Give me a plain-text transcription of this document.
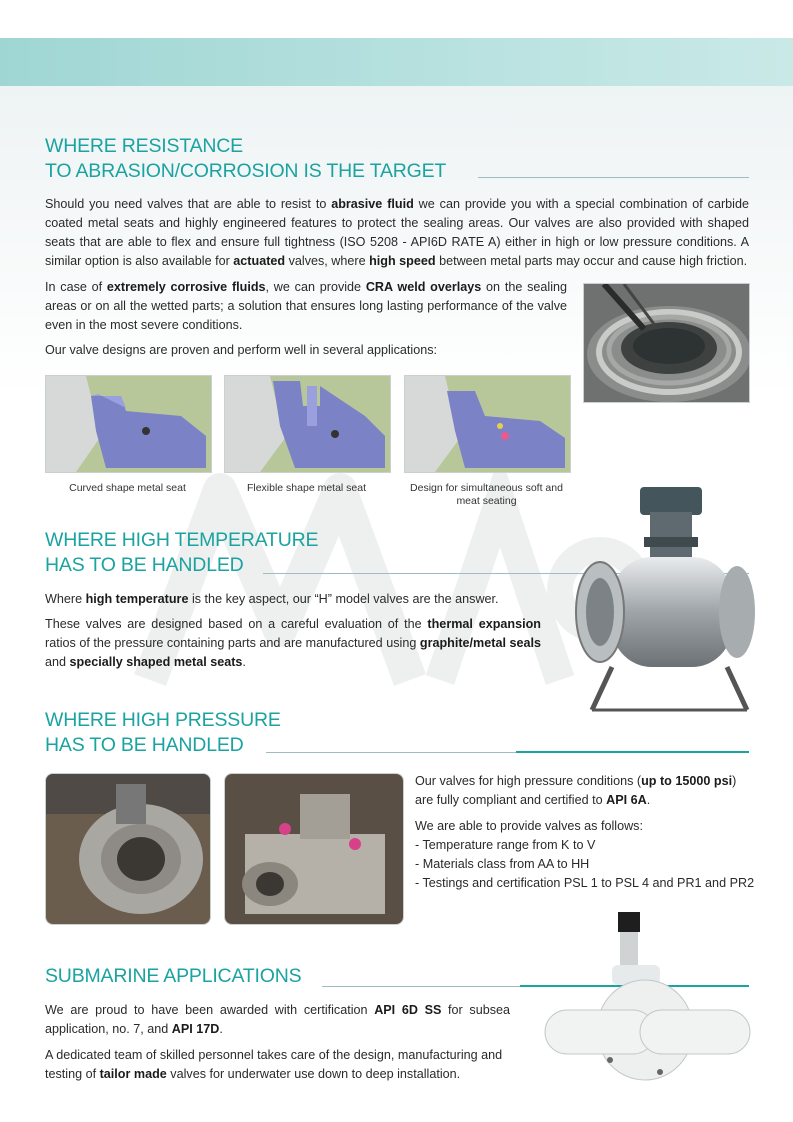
WHERE RESISTANCE
TO ABRASION/CORROSION IS THE TARGET

Should you need valves that are able to resist to abrasive fluid we can provide you with a special combination of carbide coated metal seats and highly engineered features to protect the sealing areas. Our valves are also provided with shaped seats that are able to flex and ensure full tightness (ISO 5208 - API6D RATE A) either in high or low pressure conditions. A similar option is also available for actuated valves, where high speed between metal parts may occur and cause high friction.

In case of extremely corrosive fluids, we can provide CRA weld overlays on the sealing areas or on all the wetted parts; a solution that ensures long lasting performance of the valve even in the most severe conditions.

Our valve designs are proven and perform well in several applications:

Curved shape metal seat	Flexible shape metal seat	Design for simultaneous soft and meat seating
WHERE HIGH TEMPERATURE
HAS TO BE HANDLED

Where high temperature is the key aspect, our “H” model valves are the answer.

These valves are designed based on a careful evaluation of the thermal expansion ratios of the pressure containing parts and are manufactured using graphite/metal seals and specially shaped metal seats.

WHERE HIGH PRESSURE
HAS TO BE HANDLED

Our valves for high pressure conditions (up to 15000 psi) are fully compliant and certified to API 6A.

We are able to provide valves as follows:

- Temperature range from K to V
- Materials class from AA to HH
- Testings and certification PSL 1 to PSL 4 and PR1 and PR2
SUBMARINE APPLICATIONS

We are proud to have been awarded with certification API 6D SS for subsea application, no. 7, and API 17D.

A dedicated team of skilled personnel takes care of the design, manufacturing and testing of tailor made valves for underwater use down to deep installation.
